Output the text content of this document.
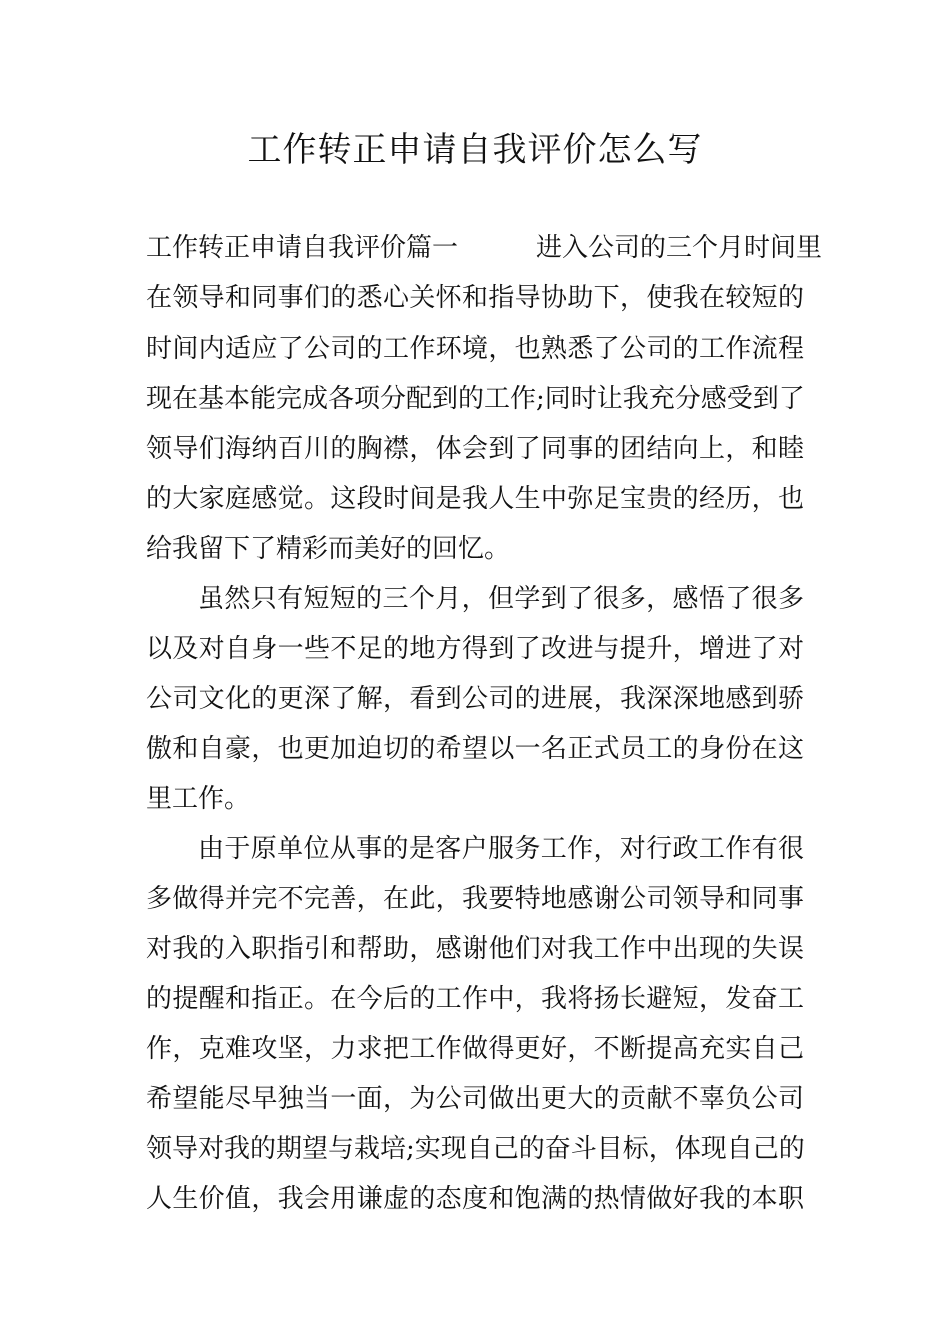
工作转正申请自我评价怎么写

工作转正申请自我评价篇一　　　进入公司的三个月时间里

在领导和同事们的悉心关怀和指导协助下，使我在较短的

时间内适应了公司的工作环境，也熟悉了公司的工作流程

现在基本能完成各项分配到的工作;同时让我充分感受到了

领导们海纳百川的胸襟，体会到了同事的团结向上，和睦

的大家庭感觉。这段时间是我人生中弥足宝贵的经历，也

给我留下了精彩而美好的回忆。

虽然只有短短的三个月，但学到了很多，感悟了很多

以及对自身一些不足的地方得到了改进与提升，增进了对

公司文化的更深了解，看到公司的进展，我深深地感到骄

傲和自豪，也更加迫切的希望以一名正式员工的身份在这

里工作。

由于原单位从事的是客户服务工作，对行政工作有很

多做得并完不完善，在此，我要特地感谢公司领导和同事

对我的入职指引和帮助，感谢他们对我工作中出现的失误

的提醒和指正。在今后的工作中，我将扬长避短，发奋工

作，克难攻坚，力求把工作做得更好，不断提高充实自己

希望能尽早独当一面，为公司做出更大的贡献不辜负公司

领导对我的期望与栽培;实现自己的奋斗目标，体现自己的

人生价值，我会用谦虚的态度和饱满的热情做好我的本职
